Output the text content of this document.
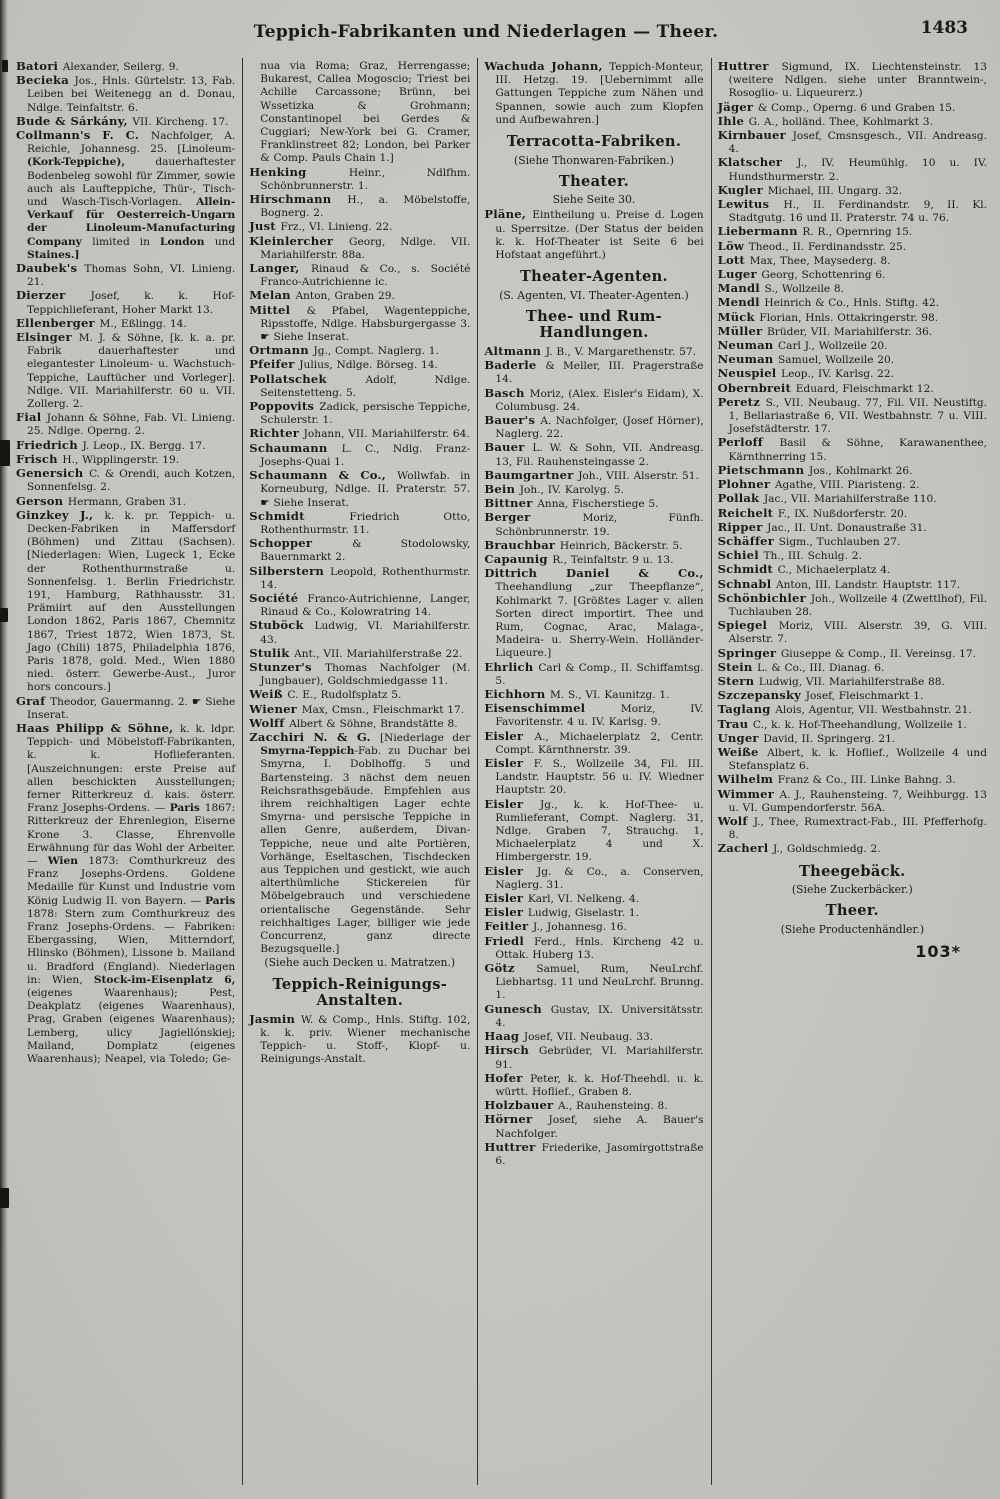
Teppich-Fabrikanten und Niederlagen — Theer.	1483

Batori Alexander, Seilerg. 9.

Becieka Jos., Hnls. Gürtelstr. 13, Fab. Leiben bei Weitenegg an d. Donau, Ndlge. Teinfaltstr. 6.

Bude & Sárkány, VII. Kircheng. 17.

Collmann's F. C. Nachfolger, A. Reichle, Johannesg. 25. [Linoleum- (Kork-Teppiche), dauerhaftester Bodenbeleg sowohl für Zimmer, sowie auch als Laufteppiche, Thür-, Tisch- und Wasch-Tisch-Vorlagen. Allein-Verkauf für Oesterreich-Ungarn der Linoleum-Manufacturing Company limited in London und Staines.]

Daubek's Thomas Sohn, VI. Linieng. 21.

Dierzer Josef, k. k. Hof-Teppichlieferant, Hoher Markt 13.

Ellenberger M., Eßlingg. 14.

Elsinger M. J. & Söhne, [k. k. a. pr. Fabrik dauerhaftester und elegantester Linoleum- u. Wachstuch-Teppiche, Lauftücher und Vorleger]. Ndlge. VII. Mariahilferstr. 60 u. VII. Zollerg. 2.

Fial Johann & Söhne, Fab. VI. Linieng. 25. Ndlge. Operng. 2.

Friedrich J. Leop., IX. Bergg. 17.

Frisch H., Wipplingerstr. 19.

Genersich C. & Orendi, auch Kotzen, Sonnenfelsg. 2.

Gerson Hermann, Graben 31.

Ginzkey J., k. k. pr. Teppich- u. Decken-Fabriken in Maffersdorf (Böhmen) und Zittau (Sachsen). [Niederlagen: Wien, Lugeck 1, Ecke der Rothenthurmstraße u. Sonnenfelsg. 1. Berlin Friedrichstr. 191, Hamburg, Rathhausstr. 31. Prämiirt auf den Ausstellungen London 1862, Paris 1867, Chemnitz 1867, Triest 1872, Wien 1873, St. Jago (Chili) 1875, Philadelphia 1876, Paris 1878, gold. Med., Wien 1880 nied. österr. Gewerbe-Aust., Juror hors concours.]

Graf Theodor, Gauermanng. 2. ☛ Siehe Inserat.

Haas Philipp & Söhne, k. k. ldpr. Teppich- und Möbelstoff-Fabrikanten, k. k. Hoflieferanten. [Auszeichnungen: erste Preise auf allen beschickten Ausstellungen; ferner Ritterkreuz d. kais. österr. Franz Josephs-Ordens. — Paris 1867: Ritterkreuz der Ehrenlegion, Eiserne Krone 3. Classe, Ehrenvolle Erwähnung für das Wohl der Arbeiter. — Wien 1873: Comthurkreuz des Franz Josephs-Ordens. Goldene Medaille für Kunst und Industrie vom König Ludwig II. von Bayern. — Paris 1878: Stern zum Comthurkreuz des Franz Josephs-Ordens. — Fabriken: Ebergassing, Wien, Mitterndorf, Hlinsko (Böhmen), Lissone b. Mailand u. Bradford (England). Niederlagen in: Wien, Stock-im-Eisenplatz 6, (eigenes Waarenhaus); Pest, Deakplatz (eigenes Waarenhaus), Prag, Graben (eigenes Waarenhaus); Lemberg, ulicy Jagiellónskiej; Mailand, Domplatz (eigenes Waarenhaus); Neapel, via Toledo; Ge-

nua via Roma; Graz, Herrengasse; Bukarest, Callea Mogoscio; Triest bei Achille Carcassone; Brünn, bei Wssetizka & Grohmann; Constantinopel bei Gerdes & Cuggiari; New-York bei G. Cramer, Franklinstreet 82; London, bei Parker & Comp. Pauls Chain 1.]

Henking Heinr., Ndlfhm. Schönbrunnerstr. 1.

Hirschmann H., a. Möbelstoffe, Bognerg. 2.

Just Frz., VI. Linieng. 22.

Kleinlercher Georg, Ndlge. VII. Mariahilferstr. 88a.

Langer, Rinaud & Co., s. Société Franco-Autrichienne ic.

Melan Anton, Graben 29.

Mittel & Pfabel, Wagenteppiche, Ripsstoffe, Ndlge. Habsburgergasse 3. ☛ Siehe Inserat.

Ortmann Jg., Compt. Naglerg. 1.

Pfeifer Julius, Ndlge. Börseg. 14.

Pollatschek Adolf, Ndlge. Seitenstetteng. 5.

Poppovits Zadick, persische Teppiche, Schulerstr. 1.

Richter Johann, VII. Mariahilferstr. 64.

Schaumann L. C., Ndlg. Franz-Josephs-Quai 1.

Schaumann & Co., Wollwfab. in Korneuburg, Ndlge. II. Praterstr. 57. ☛ Siehe Inserat.

Schmidt Friedrich Otto, Rothenthurmstr. 11.

Schopper & Stodolowsky, Bauernmarkt 2.

Silberstern Leopold, Rothenthurmstr. 14.

Société Franco-Autrichienne, Langer, Rinaud & Co., Kolowratring 14.

Stuböck Ludwig, VI. Mariahilferstr. 43.

Stulik Ant., VII. Mariahilferstraße 22.

Stunzer's Thomas Nachfolger (M. Jungbauer), Goldschmiedgasse 11.

Weiß C. E., Rudolfsplatz 5.

Wiener Max, Cmsn., Fleischmarkt 17.

Wolff Albert & Söhne, Brandstätte 8.

Zacchiri N. & G. [Niederlage der Smyrna-Teppich-Fab. zu Duchar bei Smyrna, I. Doblhoffg. 5 und Bartensteing. 3 nächst dem neuen Reichsrathsgebäude. Empfehlen aus ihrem reichhaltigen Lager echte Smyrna- und persische Teppiche in allen Genre, außerdem, Divan-Teppiche, neue und alte Portièren, Vorhänge, Eseltaschen, Tischdecken aus Teppichen und gestickt, wie auch alterthümliche Stickereien für Möbelgebrauch und verschiedene orientalische Gegenstände. Sehr reichhaltiges Lager, billiger wie jede Concurrenz, ganz directe Bezugsquelle.]

(Siehe auch Decken u. Matratzen.)

Teppich-Reinigungs-Anstalten.

Jasmin W. & Comp., Hnls. Stiftg. 102, k. k. priv. Wiener mechanische Teppich- u. Stoff-, Klopf- u. Reinigungs-Anstalt.

Wachuda Johann, Teppich-Monteur, III. Hetzg. 19. [Uebernimmt alle Gattungen Teppiche zum Nähen und Spannen, sowie auch zum Klopfen und Aufbewahren.]

Terracotta-Fabriken.

(Siehe Thonwaren-Fabriken.)

Theater.

Siehe Seite 30.

Pläne, Eintheilung u. Preise d. Logen u. Sperrsitze. (Der Status der beiden k. k. Hof-Theater ist Seite 6 bei Hofstaat angeführt.)

Theater-Agenten.

(S. Agenten, VI. Theater-Agenten.)

Thee- und Rum-Handlungen.

Altmann J. B., V. Margarethenstr. 57.

Baderle & Meller, III. Pragerstraße 14.

Basch Moriz, (Alex. Eisler's Eidam), X. Columbusg. 24.

Bauer's A. Nachfolger, (Josef Hörner), Naglerg. 22.

Bauer L. W. & Sohn, VII. Andreasg. 13, Fil. Rauhensteingasse 2.

Baumgartner Joh., VIII. Alserstr. 51.

Bein Joh., IV. Karolyg. 5.

Bittner Anna, Fischerstiege 5.

Berger Moriz, Fünfh. Schönbrunnerstr. 19.

Brauchbar Heinrich, Bäckerstr. 5.

Capaunig R., Teinfaltstr. 9 u. 13.

Dittrich Daniel & Co., Theehandlung „zur Theepflanze“, Kohlmarkt 7. [Größtes Lager v. allen Sorten direct importirt. Thee und Rum, Cognac, Arac, Malaga-, Madeira- u. Sherry-Wein. Holländer-Liqueure.]

Ehrlich Carl & Comp., II. Schiffamtsg. 5.

Eichhorn M. S., VI. Kaunitzg. 1.

Eisenschimmel Moriz, IV. Favoritenstr. 4 u. IV. Karlsg. 9.

Eisler A., Michaelerplatz 2, Centr. Compt. Kärnthnerstr. 39.

Eisler F. S., Wollzeile 34, Fil. III. Landstr. Hauptstr. 56 u. IV. Wiedner Hauptstr. 20.

Eisler Jg., k. k. Hof-Thee- u. Rumlieferant, Compt. Naglerg. 31, Ndlge. Graben 7, Strauchg. 1, Michaelerplatz 4 und X. Himbergerstr. 19.

Eisler Jg. & Co., a. Conserven, Naglerg. 31.

Eisler Karl, VI. Nelkeng. 4.

Eisler Ludwig, Giselastr. 1.

Feitler J., Johannesg. 16.

Friedl Ferd., Hnls. Kircheng 42 u. Ottak. Huberg 13.

Götz Samuel, Rum, NeuLrchf. Liebhartsg. 11 und NeuLrchf. Brunng. 1.

Gunesch Gustav, IX. Universitätsstr. 4.

Haag Josef, VII. Neubaug. 33.

Hirsch Gebrüder, VI. Mariahilferstr. 91.

Hofer Peter, k. k. Hof-Theehdl. u. k. württ. Hoflief., Graben 8.

Holzbauer A., Rauhensteing. 8.

Hörner Josef, siehe A. Bauer's Nachfolger.

Huttrer Friederike, Jasomirgottstraße 6.

Huttrer Sigmund, IX. Liechtensteinstr. 13 (weitere Ndlgen. siehe unter Branntwein-, Rosoglio- u. Liqueurerz.)

Jäger & Comp., Operng. 6 und Graben 15.

Ihle G. A., holländ. Thee, Kohlmarkt 3.

Kirnbauer Josef, Cmsnsgesch., VII. Andreasg. 4.

Klatscher J., IV. Heumühlg. 10 u. IV. Hundsthurmerstr. 2.

Kugler Michael, III. Ungarg. 32.

Lewitus H., II. Ferdinandstr. 9, II. Kl. Stadtgutg. 16 und II. Praterstr. 74 u. 76.

Liebermann R. R., Opernring 15.

Löw Theod., II. Ferdinandsstr. 25.

Lott Max, Thee, Maysederg. 8.

Luger Georg, Schottenring 6.

Mandl S., Wollzeile 8.

Mendl Heinrich & Co., Hnls. Stiftg. 42.

Mück Florian, Hnls. Ottakringerstr. 98.

Müller Brüder, VII. Mariahilferstr. 36.

Neuman Carl J., Wollzeile 20.

Neuman Samuel, Wollzeile 20.

Neuspiel Leop., IV. Karlsg. 22.

Obernbreit Eduard, Fleischmarkt 12.

Peretz S., VII. Neubaug. 77, Fil. VII. Neustiftg. 1, Bellariastraße 6, VII. Westbahnstr. 7 u. VIII. Josefstädterstr. 17.

Perloff Basil & Söhne, Karawanenthee, Kärnthnerring 15.

Pietschmann Jos., Kohlmarkt 26.

Plohner Agathe, VIII. Piaristeng. 2.

Pollak Jac., VII. Mariahilferstraße 110.

Reichelt F., IX. Nußdorferstr. 20.

Ripper Jac., II. Unt. Donaustraße 31.

Schäffer Sigm., Tuchlauben 27.

Schiel Th., III. Schulg. 2.

Schmidt C., Michaelerplatz 4.

Schnabl Anton, III. Landstr. Hauptstr. 117.

Schönbichler Joh., Wollzeile 4 (Zwettlhof), Fil. Tuchlauben 28.

Spiegel Moriz, VIII. Alserstr. 39, G. VIII. Alserstr. 7.

Springer Giuseppe & Comp., II. Vereinsg. 17.

Stein L. & Co., III. Dianag. 6.

Stern Ludwig, VII. Mariahilferstraße 88.

Szczepansky Josef, Fleischmarkt 1.

Taglang Alois, Agentur, VII. Westbahnstr. 21.

Trau C., k. k. Hof-Theehandlung, Wollzeile 1.

Unger David, II. Springerg. 21.

Weiße Albert, k. k. Hoflief., Wollzeile 4 und Stefansplatz 6.

Wilhelm Franz & Co., III. Linke Bahng. 3.

Wimmer A. J., Rauhensteing. 7, Weihburgg. 13 u. VI. Gumpendorferstr. 56A.

Wolf J., Thee, Rumextract-Fab., III. Pfefferhofg. 8.

Zacherl J., Goldschmiedg. 2.

Theegebäck.

(Siehe Zuckerbäcker.)

Theer.

(Siehe Productenhändler.)

103*
